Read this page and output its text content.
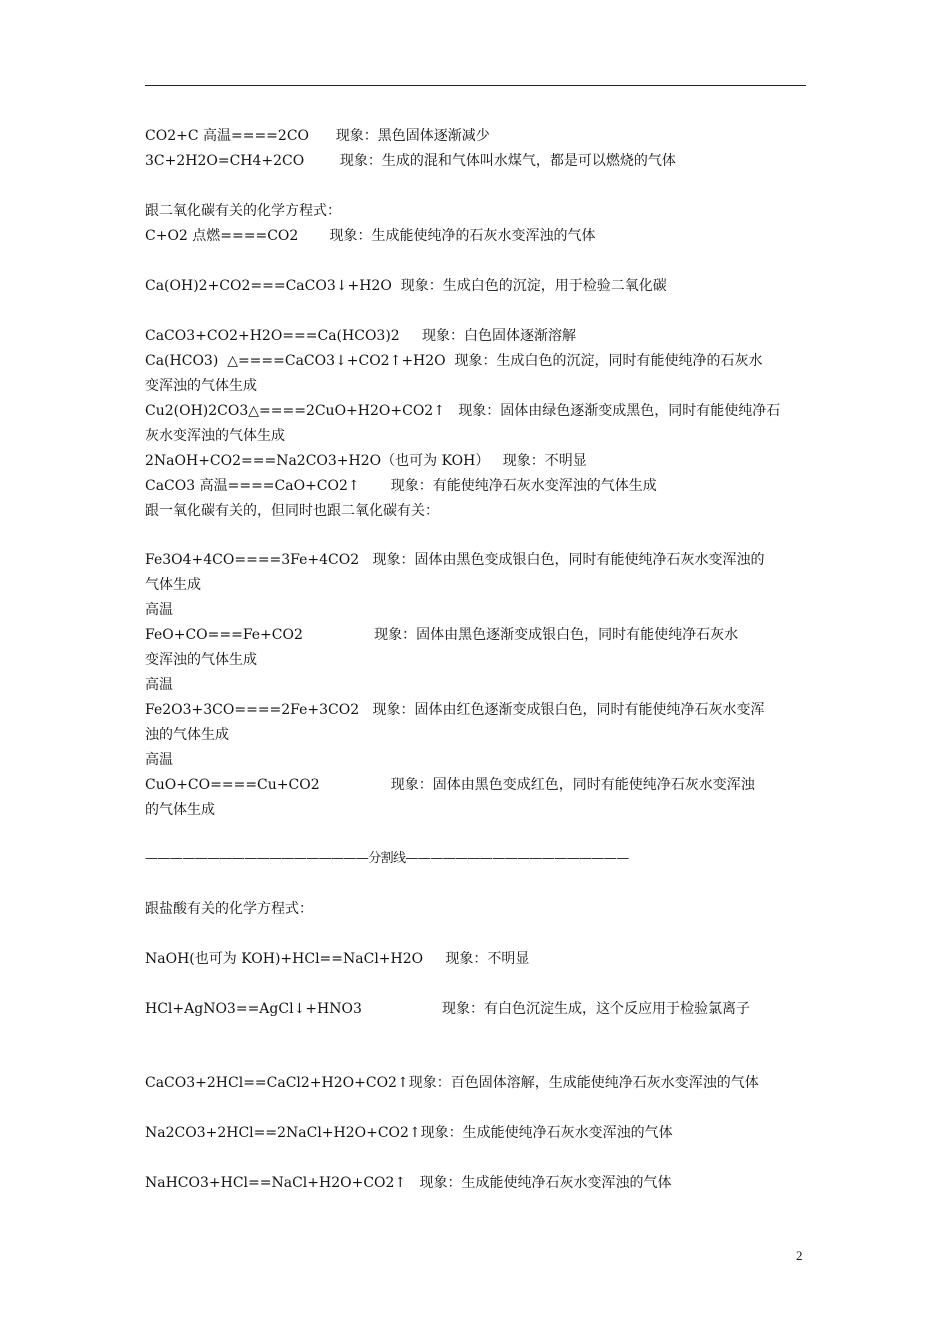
CO2+C 高温====2CO      现象：黑色固体逐渐减少
3C+2H2O=CH4+2CO        现象：生成的混和气体叫水煤气，都是可以燃烧的气体
跟二氧化碳有关的化学方程式：
C+O2 点燃====CO2       现象：生成能使纯净的石灰水变浑浊的气体
Ca(OH)2+CO2===CaCO3↓+H2O  现象：生成白色的沉淀，用于检验二氧化碳
CaCO3+CO2+H2O===Ca(HCO3)2     现象：白色固体逐渐溶解
Ca(HCO3)  △====CaCO3↓+CO2↑+H2O  现象：生成白色的沉淀，同时有能使纯净的石灰水
变浑浊的气体生成
Cu2(OH)2CO3△====2CuO+H2O+CO2↑   现象：固体由绿色逐渐变成黑色，同时有能使纯净石
灰水变浑浊的气体生成
2NaOH+CO2===Na2CO3+H2O（也可为 KOH）   现象：不明显
CaCO3 高温====CaO+CO2↑       现象：有能使纯净石灰水变浑浊的气体生成
跟一氧化碳有关的，但同时也跟二氧化碳有关：
Fe3O4+4CO====3Fe+4CO2   现象：固体由黑色变成银白色，同时有能使纯净石灰水变浑浊的
气体生成
高温
FeO+CO===Fe+CO2                现象：固体由黑色逐渐变成银白色，同时有能使纯净石灰水
变浑浊的气体生成
高温
Fe2O3+3CO====2Fe+3CO2   现象：固体由红色逐渐变成银白色，同时有能使纯净石灰水变浑
浊的气体生成
高温
CuO+CO====Cu+CO2                现象：固体由黑色变成红色，同时有能使纯净石灰水变浑浊
的气体生成
——————————————————分割线——————————————————
跟盐酸有关的化学方程式：
NaOH(也可为 KOH)+HCl==NaCl+H2O     现象：不明显
HCl+AgNO3==AgCl↓+HNO3                  现象：有白色沉淀生成，这个反应用于检验氯离子
CaCO3+2HCl==CaCl2+H2O+CO2↑现象：百色固体溶解，生成能使纯净石灰水变浑浊的气体
Na2CO3+2HCl==2NaCl+H2O+CO2↑现象：生成能使纯净石灰水变浑浊的气体
NaHCO3+HCl==NaCl+H2O+CO2↑   现象：生成能使纯净石灰水变浑浊的气体
2
